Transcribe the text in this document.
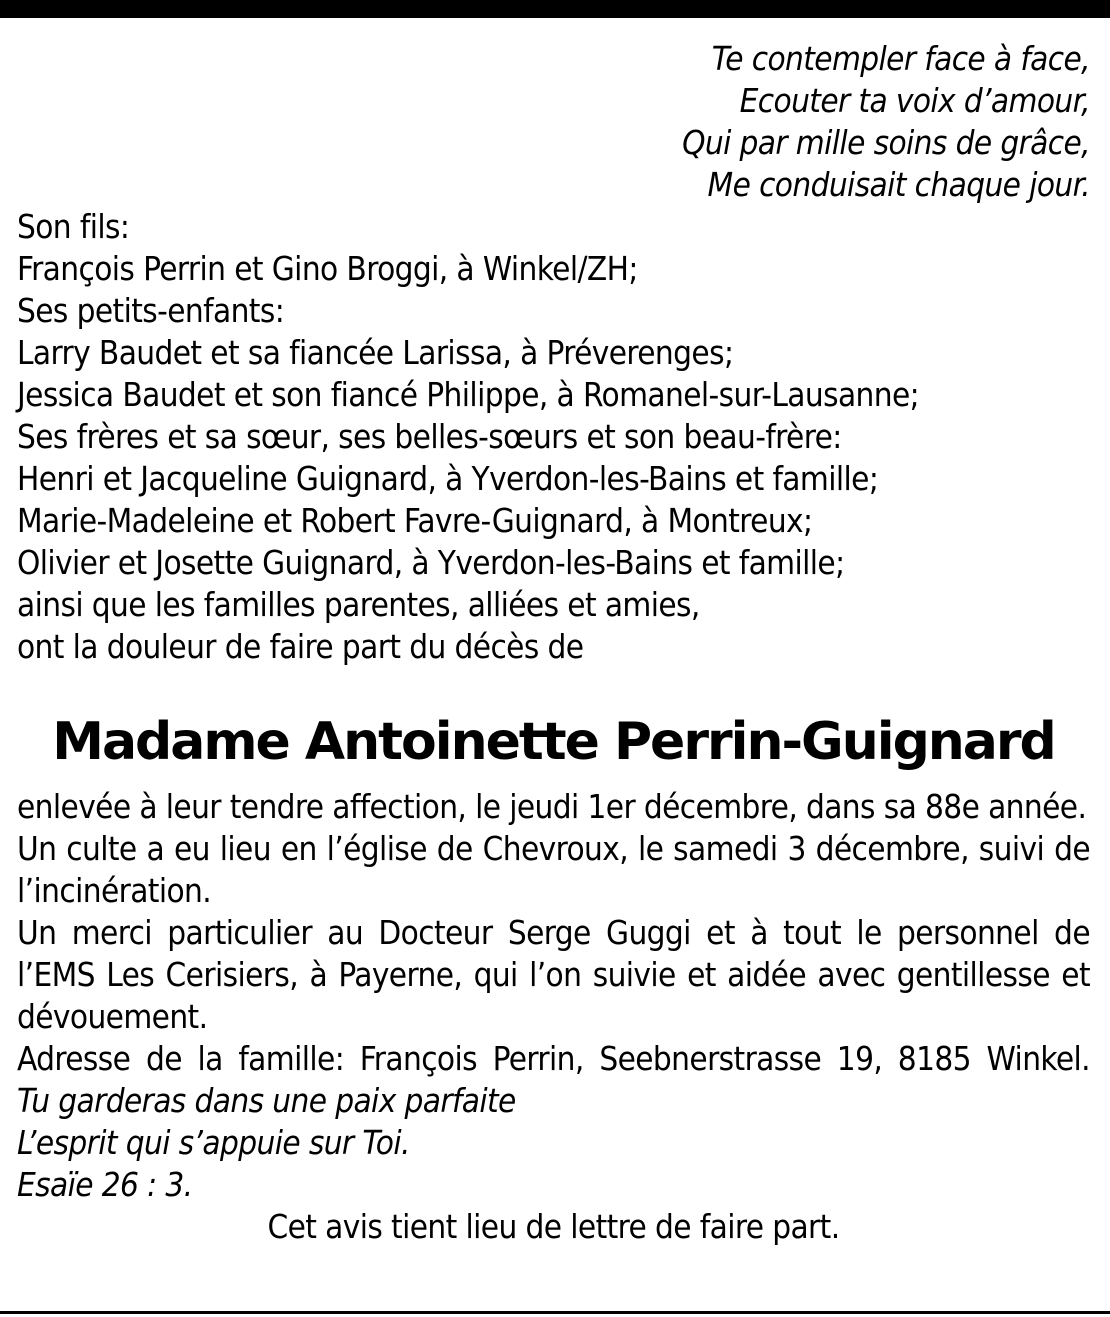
Te contempler face à face,
Ecouter ta voix d’amour,
Qui par mille soins de grâce,
Me conduisait chaque jour.
Son fils:
François Perrin et Gino Broggi, à Winkel/ZH;
Ses petits-enfants:
Larry Baudet et sa fiancée Larissa, à Préverenges;
Jessica Baudet et son fiancé Philippe, à Romanel-sur-Lausanne;
Ses frères et sa sœur, ses belles-sœurs et son beau-frère:
Henri et Jacqueline Guignard, à Yverdon-les-Bains et famille;
Marie-Madeleine et Robert Favre-Guignard, à Montreux;
Olivier et Josette Guignard, à Yverdon-les-Bains et famille;
ainsi que les familles parentes, alliées et amies,
ont la douleur de faire part du décès de
Madame Antoinette Perrin-Guignard
enlevée à leur tendre affection, le jeudi 1er décembre, dans sa 88e année.
Un culte a eu lieu en l’église de Chevroux, le samedi 3 décembre, suivi de l’incinération.
Un merci particulier au Docteur Serge Guggi et à tout le personnel de l’EMS Les Cerisiers, à Payerne, qui l’on suivie et aidée avec gentillesse et dévouement.
Adresse de la famille: François Perrin, Seebnerstrasse 19, 8185 Winkel.
Tu garderas dans une paix parfaite
L’esprit qui s’appuie sur Toi.
Esaïe 26 : 3.
Cet avis tient lieu de lettre de faire part.
